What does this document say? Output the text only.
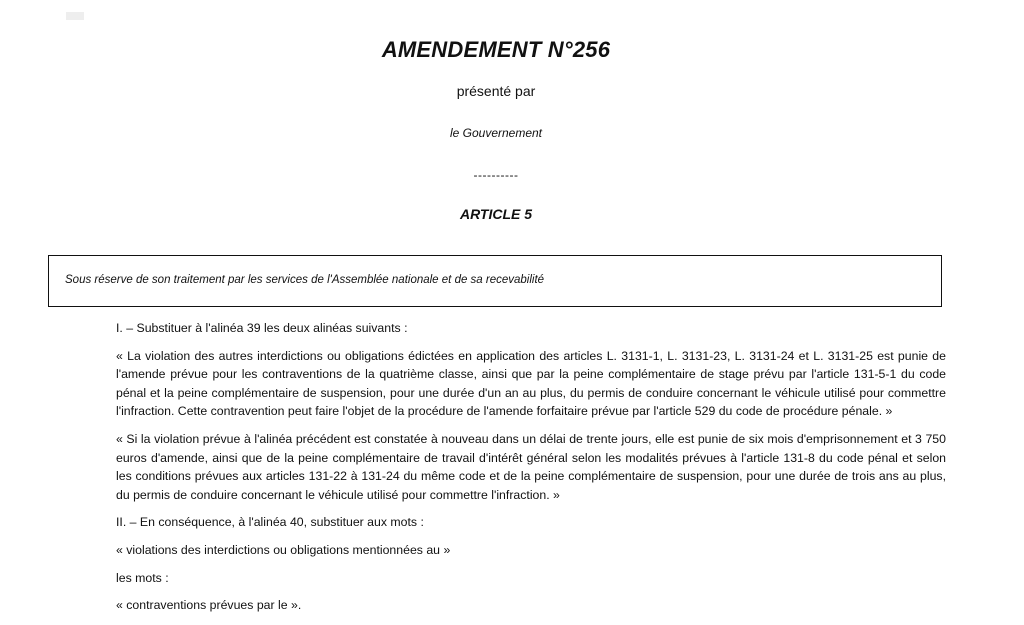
AMENDEMENT N°256
présenté par
le Gouvernement
----------
ARTICLE 5
Sous réserve de son traitement par les services de l'Assemblée nationale et de sa recevabilité

I. – Substituer à l'alinéa 39 les deux alinéas suivants :

« La violation des autres interdictions ou obligations édictées en application des articles L. 3131-1, L. 3131-23, L. 3131-24 et L. 3131-25 est punie de l'amende prévue pour les contraventions de la quatrième classe, ainsi que par la peine complémentaire de stage prévu par l'article 131-5-1 du code pénal et la peine complémentaire de suspension, pour une durée d'un an au plus, du permis de conduire concernant le véhicule utilisé pour commettre l'infraction. Cette contravention peut faire l'objet de la procédure de l'amende forfaitaire prévue par l'article 529 du code de procédure pénale. »

« Si la violation prévue à l'alinéa précédent est constatée à nouveau dans un délai de trente jours, elle est punie de six mois d'emprisonnement et 3 750 euros d'amende, ainsi que de la peine complémentaire de travail d'intérêt général selon les modalités prévues à l'article 131-8 du code pénal et selon les conditions prévues aux articles 131-22 à 131-24 du même code et de la peine complémentaire de suspension, pour une durée de trois ans au plus, du permis de conduire concernant le véhicule utilisé pour commettre l'infraction. »

II. – En conséquence, à l'alinéa 40, substituer aux mots :

« violations des interdictions ou obligations mentionnées au »

les mots :

« contraventions prévues par le ».
